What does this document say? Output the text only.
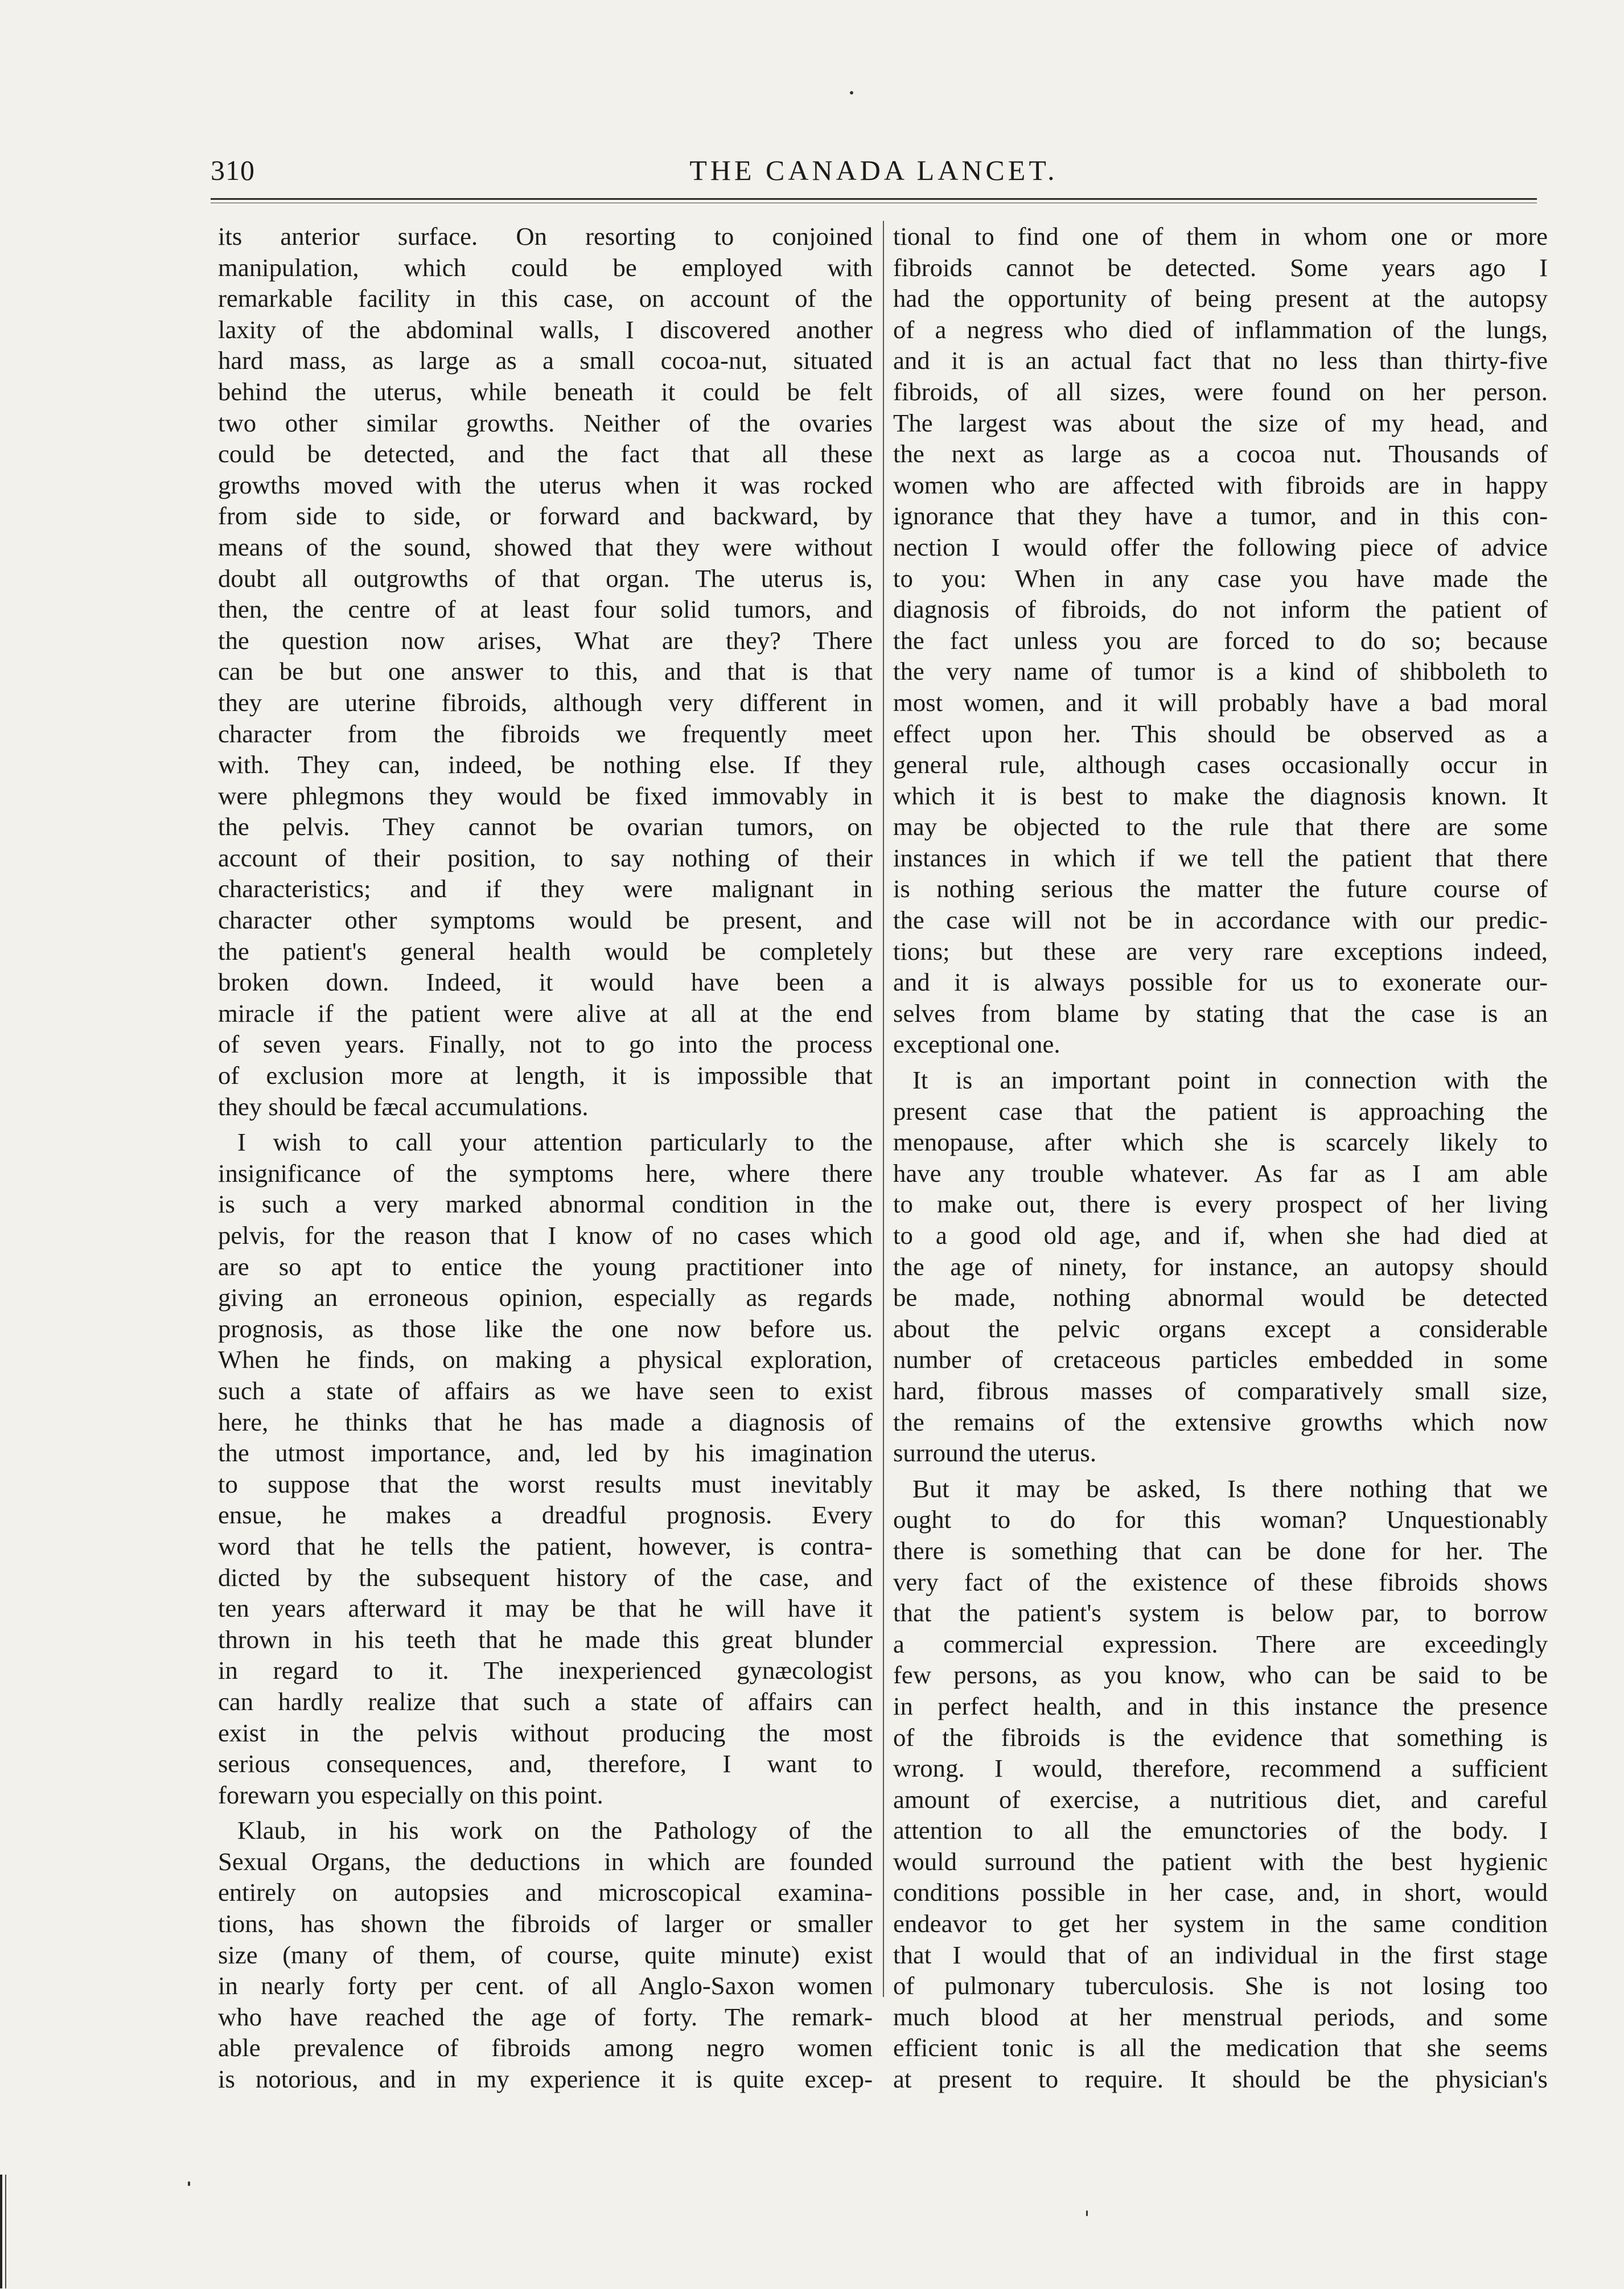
310	THE CANADA LANCET.
its anterior surface. On resorting to conjoined
manipulation, which could be employed with
remarkable facility in this case, on account of the
laxity of the abdominal walls, I discovered another
hard mass, as large as a small cocoa-nut, situated
behind the uterus, while beneath it could be felt
two other similar growths. Neither of the ovaries
could be detected, and the fact that all these
growths moved with the uterus when it was rocked
from side to side, or forward and backward, by
means of the sound, showed that they were without
doubt all outgrowths of that organ. The uterus is,
then, the centre of at least four solid tumors, and
the question now arises, What are they? There
can be but one answer to this, and that is that
they are uterine fibroids, although very different in
character from the fibroids we frequently meet
with. They can, indeed, be nothing else. If they
were phlegmons they would be fixed immovably in
the pelvis. They cannot be ovarian tumors, on
account of their position, to say nothing of their
characteristics; and if they were malignant in
character other symptoms would be present, and
the patient's general health would be completely
broken down. Indeed, it would have been a
miracle if the patient were alive at all at the end
of seven years. Finally, not to go into the process
of exclusion more at length, it is impossible that
they should be fæcal accumulations.
I wish to call your attention particularly to the
insignificance of the symptoms here, where there
is such a very marked abnormal condition in the
pelvis, for the reason that I know of no cases which
are so apt to entice the young practitioner into
giving an erroneous opinion, especially as regards
prognosis, as those like the one now before us.
When he finds, on making a physical exploration,
such a state of affairs as we have seen to exist
here, he thinks that he has made a diagnosis of
the utmost importance, and, led by his imagination
to suppose that the worst results must inevitably
ensue, he makes a dreadful prognosis. Every
word that he tells the patient, however, is contra-
dicted by the subsequent history of the case, and
ten years afterward it may be that he will have it
thrown in his teeth that he made this great blunder
in regard to it. The inexperienced gynæcologist
can hardly realize that such a state of affairs can
exist in the pelvis without producing the most
serious consequences, and, therefore, I want to
forewarn you especially on this point.
Klaub, in his work on the Pathology of the
Sexual Organs, the deductions in which are founded
entirely on autopsies and microscopical examina-
tions, has shown the fibroids of larger or smaller
size (many of them, of course, quite minute) exist
in nearly forty per cent. of all Anglo-Saxon women
who have reached the age of forty. The remark-
able prevalence of fibroids among negro women
is notorious, and in my experience it is quite excep-
tional to find one of them in whom one or more
fibroids cannot be detected. Some years ago I
had the opportunity of being present at the autopsy
of a negress who died of inflammation of the lungs,
and it is an actual fact that no less than thirty-five
fibroids, of all sizes, were found on her person.
The largest was about the size of my head, and
the next as large as a cocoa nut. Thousands of
women who are affected with fibroids are in happy
ignorance that they have a tumor, and in this con-
nection I would offer the following piece of advice
to you: When in any case you have made the
diagnosis of fibroids, do not inform the patient of
the fact unless you are forced to do so; because
the very name of tumor is a kind of shibboleth to
most women, and it will probably have a bad moral
effect upon her. This should be observed as a
general rule, although cases occasionally occur in
which it is best to make the diagnosis known. It
may be objected to the rule that there are some
instances in which if we tell the patient that there
is nothing serious the matter the future course of
the case will not be in accordance with our predic-
tions; but these are very rare exceptions indeed,
and it is always possible for us to exonerate our-
selves from blame by stating that the case is an
exceptional one.
It is an important point in connection with the
present case that the patient is approaching the
menopause, after which she is scarcely likely to
have any trouble whatever. As far as I am able
to make out, there is every prospect of her living
to a good old age, and if, when she had died at
the age of ninety, for instance, an autopsy should
be made, nothing abnormal would be detected
about the pelvic organs except a considerable
number of cretaceous particles embedded in some
hard, fibrous masses of comparatively small size,
the remains of the extensive growths which now
surround the uterus.
But it may be asked, Is there nothing that we
ought to do for this woman? Unquestionably
there is something that can be done for her. The
very fact of the existence of these fibroids shows
that the patient's system is below par, to borrow
a commercial expression. There are exceedingly
few persons, as you know, who can be said to be
in perfect health, and in this instance the presence
of the fibroids is the evidence that something is
wrong. I would, therefore, recommend a sufficient
amount of exercise, a nutritious diet, and careful
attention to all the emunctories of the body. I
would surround the patient with the best hygienic
conditions possible in her case, and, in short, would
endeavor to get her system in the same condition
that I would that of an individual in the first stage
of pulmonary tuberculosis. She is not losing too
much blood at her menstrual periods, and some
efficient tonic is all the medication that she seems
at present to require. It should be the physician's
